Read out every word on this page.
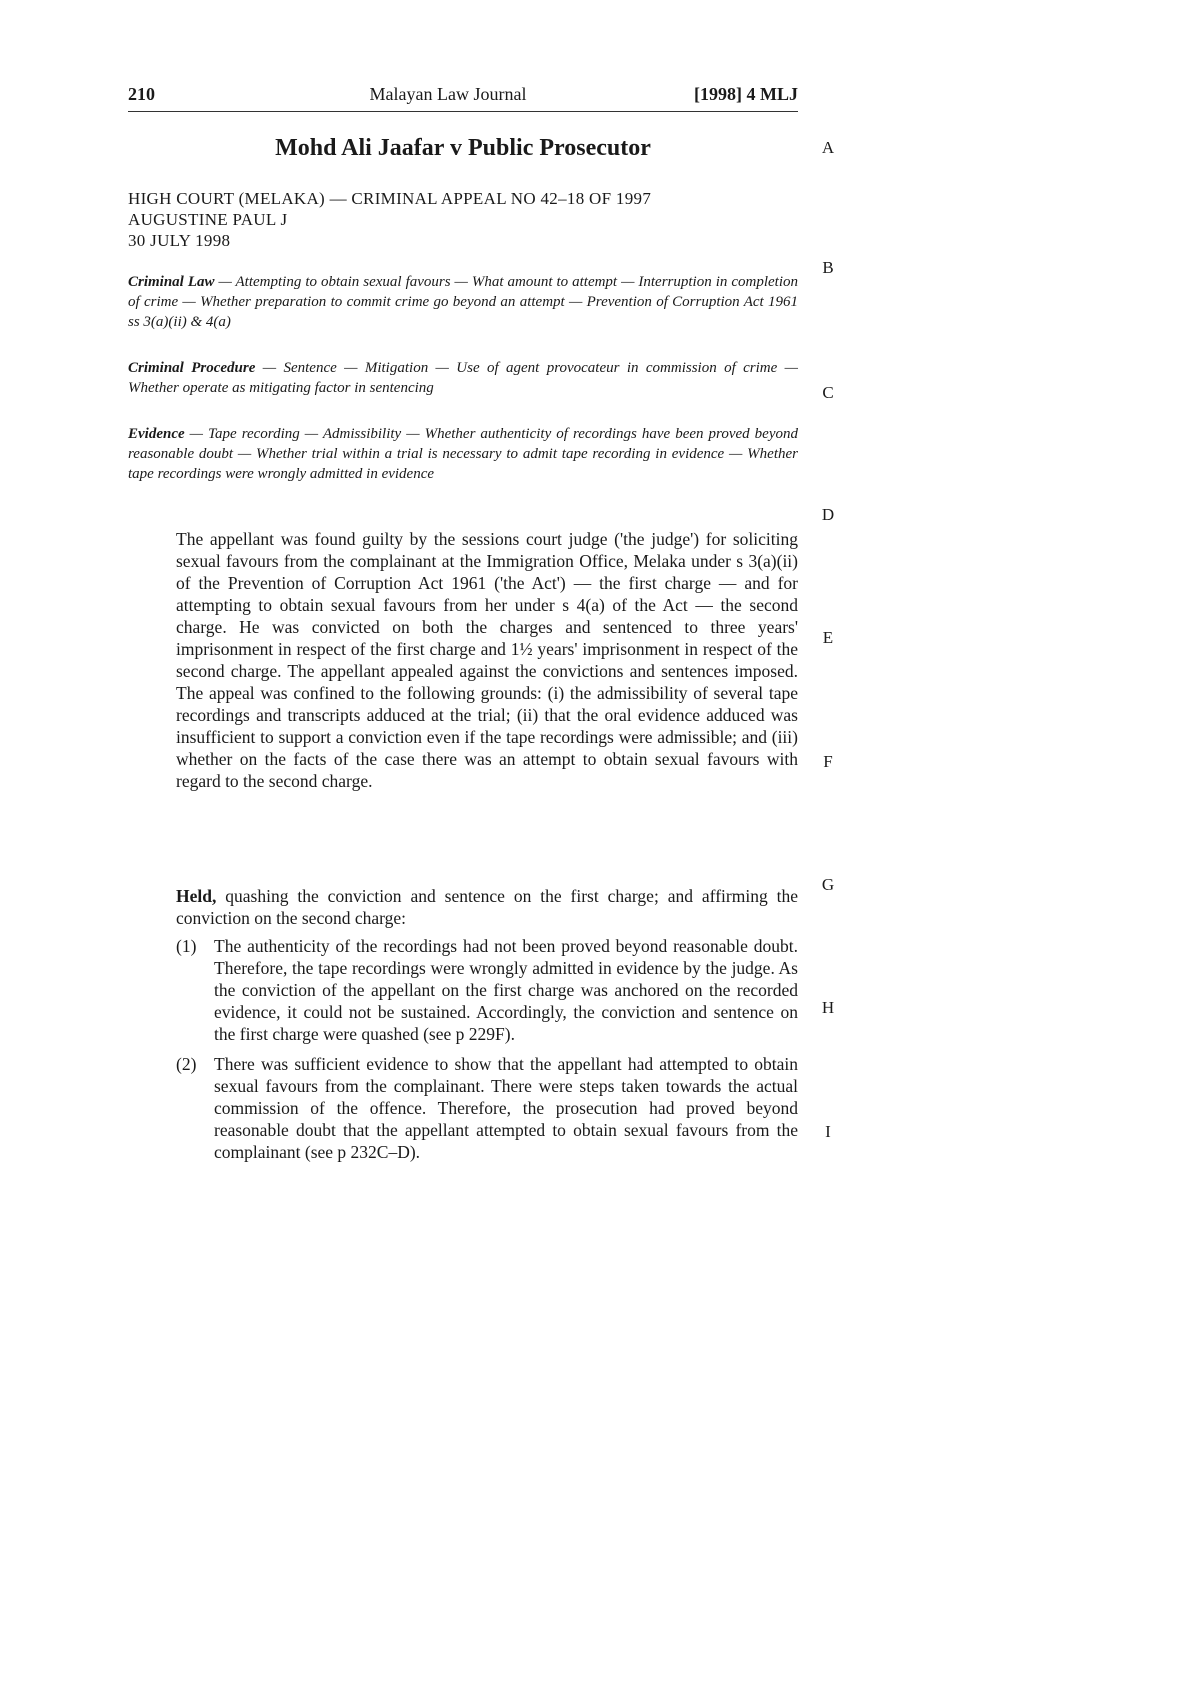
210	Malayan Law Journal	[1998] 4 MLJ
Mohd Ali Jaafar v Public Prosecutor
HIGH COURT (MELAKA) — CRIMINAL APPEAL NO 42–18 OF 1997
AUGUSTINE PAUL J
30 JULY 1998
Criminal Law — Attempting to obtain sexual favours — What amount to attempt — Interruption in completion of crime — Whether preparation to commit crime go beyond an attempt — Prevention of Corruption Act 1961 ss 3(a)(ii) & 4(a)
Criminal Procedure — Sentence — Mitigation — Use of agent provocateur in commission of crime — Whether operate as mitigating factor in sentencing
Evidence — Tape recording — Admissibility — Whether authenticity of recordings have been proved beyond reasonable doubt — Whether trial within a trial is necessary to admit tape recording in evidence — Whether tape recordings were wrongly admitted in evidence

The appellant was found guilty by the sessions court judge ('the judge') for soliciting sexual favours from the complainant at the Immigration Office, Melaka under s 3(a)(ii) of the Prevention of Corruption Act 1961 ('the Act') — the first charge — and for attempting to obtain sexual favours from her under s 4(a) of the Act — the second charge. He was convicted on both the charges and sentenced to three years' imprisonment in respect of the first charge and 1½ years' imprisonment in respect of the second charge. The appellant appealed against the convictions and sentences imposed. The appeal was confined to the following grounds: (i) the admissibility of several tape recordings and transcripts adduced at the trial; (ii) that the oral evidence adduced was insufficient to support a conviction even if the tape recordings were admissible; and (iii) whether on the facts of the case there was an attempt to obtain sexual favours with regard to the second charge.

Held, quashing the conviction and sentence on the first charge; and affirming the conviction on the second charge:

(1) The authenticity of the recordings had not been proved beyond reasonable doubt. Therefore, the tape recordings were wrongly admitted in evidence by the judge. As the conviction of the appellant on the first charge was anchored on the recorded evidence, it could not be sustained. Accordingly, the conviction and sentence on the first charge were quashed (see p 229F).
(2) There was sufficient evidence to show that the appellant had attempted to obtain sexual favours from the complainant. There were steps taken towards the actual commission of the offence. Therefore, the prosecution had proved beyond reasonable doubt that the appellant attempted to obtain sexual favours from the complainant (see p 232C–D).
A
B
C
D
E
F
G
H
I
